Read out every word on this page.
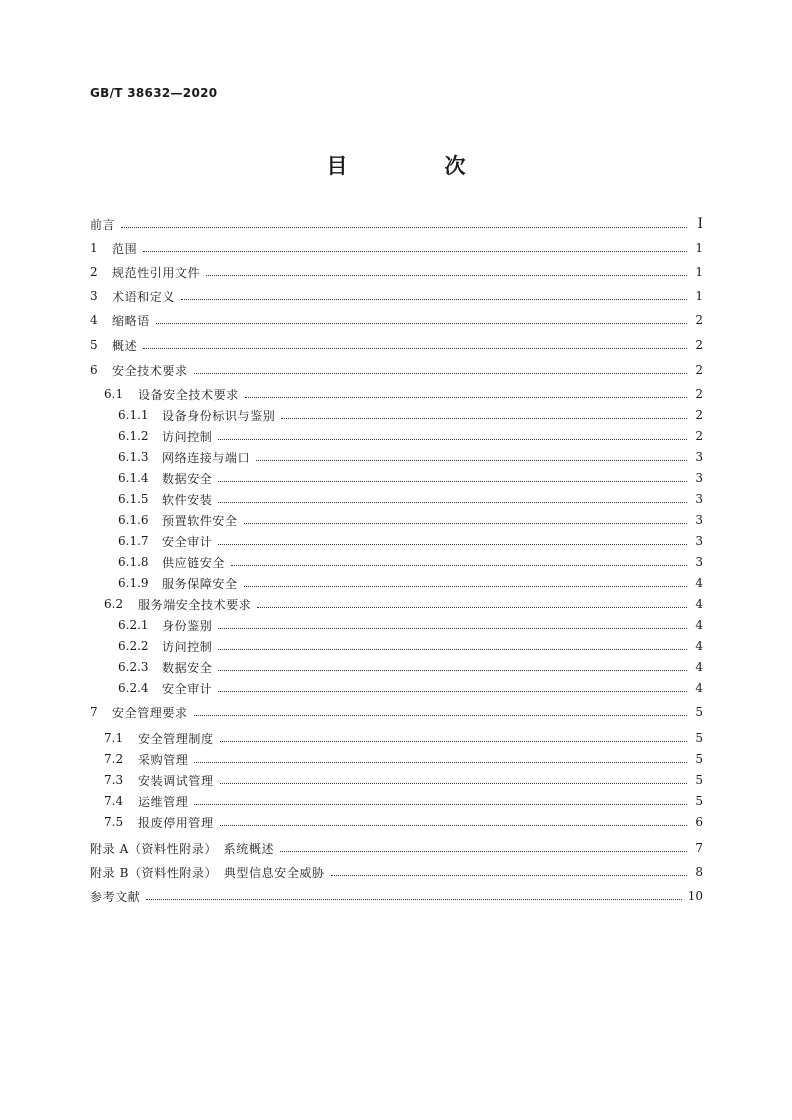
GB/T 38632—2020
目　次
前言	Ⅰ
1	范围	1
2	规范性引用文件	1
3	术语和定义	1
4	缩略语	2
5	概述	2
6	安全技术要求	2
6.1	设备安全技术要求	2
6.1.1	设备身份标识与鉴别	2
6.1.2	访问控制	2
6.1.3	网络连接与端口	3
6.1.4	数据安全	3
6.1.5	软件安装	3
6.1.6	预置软件安全	3
6.1.7	安全审计	3
6.1.8	供应链安全	3
6.1.9	服务保障安全	4
6.2	服务端安全技术要求	4
6.2.1	身份鉴别	4
6.2.2	访问控制	4
6.2.3	数据安全	4
6.2.4	安全审计	4
7	安全管理要求	5
7.1	安全管理制度	5
7.2	采购管理	5
7.3	安装调试管理	5
7.4	运维管理	5
7.5	报废停用管理	6
附录 A（资料性附录）　系统概述	7
附录 B（资料性附录）　典型信息安全威胁	8
参考文献	10
